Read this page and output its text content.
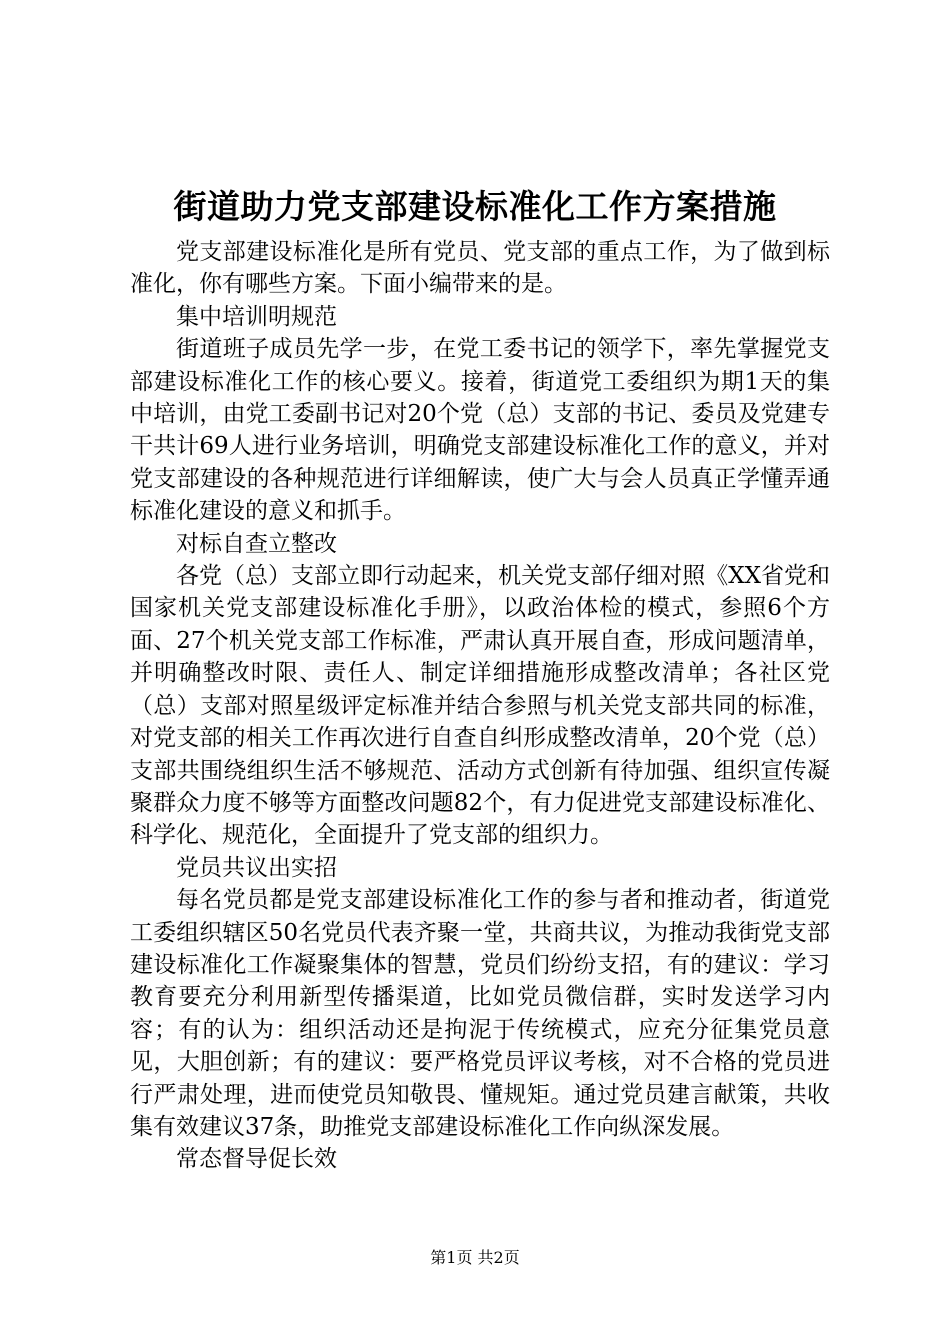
街道助力党支部建设标准化工作方案措施

党支部建设标准化是所有党员、党支部的重点工作，为了做到标准化，你有哪些方案。下面小编带来的是。

集中培训明规范

街道班子成员先学一步，在党工委书记的领学下，率先掌握党支部建设标准化工作的核心要义。接着，街道党工委组织为期1天的集中培训，由党工委副书记对20个党（总）支部的书记、委员及党建专干共计69人进行业务培训，明确党支部建设标准化工作的意义，并对党支部建设的各种规范进行详细解读，使广大与会人员真正学懂弄通标准化建设的意义和抓手。

对标自查立整改

各党（总）支部立即行动起来，机关党支部仔细对照《XX省党和国家机关党支部建设标准化手册》，以政治体检的模式，参照6个方面、27个机关党支部工作标准，严肃认真开展自查，形成问题清单，并明确整改时限、责任人、制定详细措施形成整改清单；各社区党（总）支部对照星级评定标准并结合参照与机关党支部共同的标准，对党支部的相关工作再次进行自查自纠形成整改清单，20个党（总）支部共围绕组织生活不够规范、活动方式创新有待加强、组织宣传凝聚群众力度不够等方面整改问题82个，有力促进党支部建设标准化、科学化、规范化，全面提升了党支部的组织力。

党员共议出实招

每名党员都是党支部建设标准化工作的参与者和推动者，街道党工委组织辖区50名党员代表齐聚一堂，共商共议，为推动我街党支部建设标准化工作凝聚集体的智慧，党员们纷纷支招，有的建议：学习教育要充分利用新型传播渠道，比如党员微信群，实时发送学习内容；有的认为：组织活动还是拘泥于传统模式，应充分征集党员意见，大胆创新；有的建议：要严格党员评议考核，对不合格的党员进行严肃处理，进而使党员知敬畏、懂规矩。通过党员建言献策，共收集有效建议37条，助推党支部建设标准化工作向纵深发展。

常态督导促长效

第1页 共2页
